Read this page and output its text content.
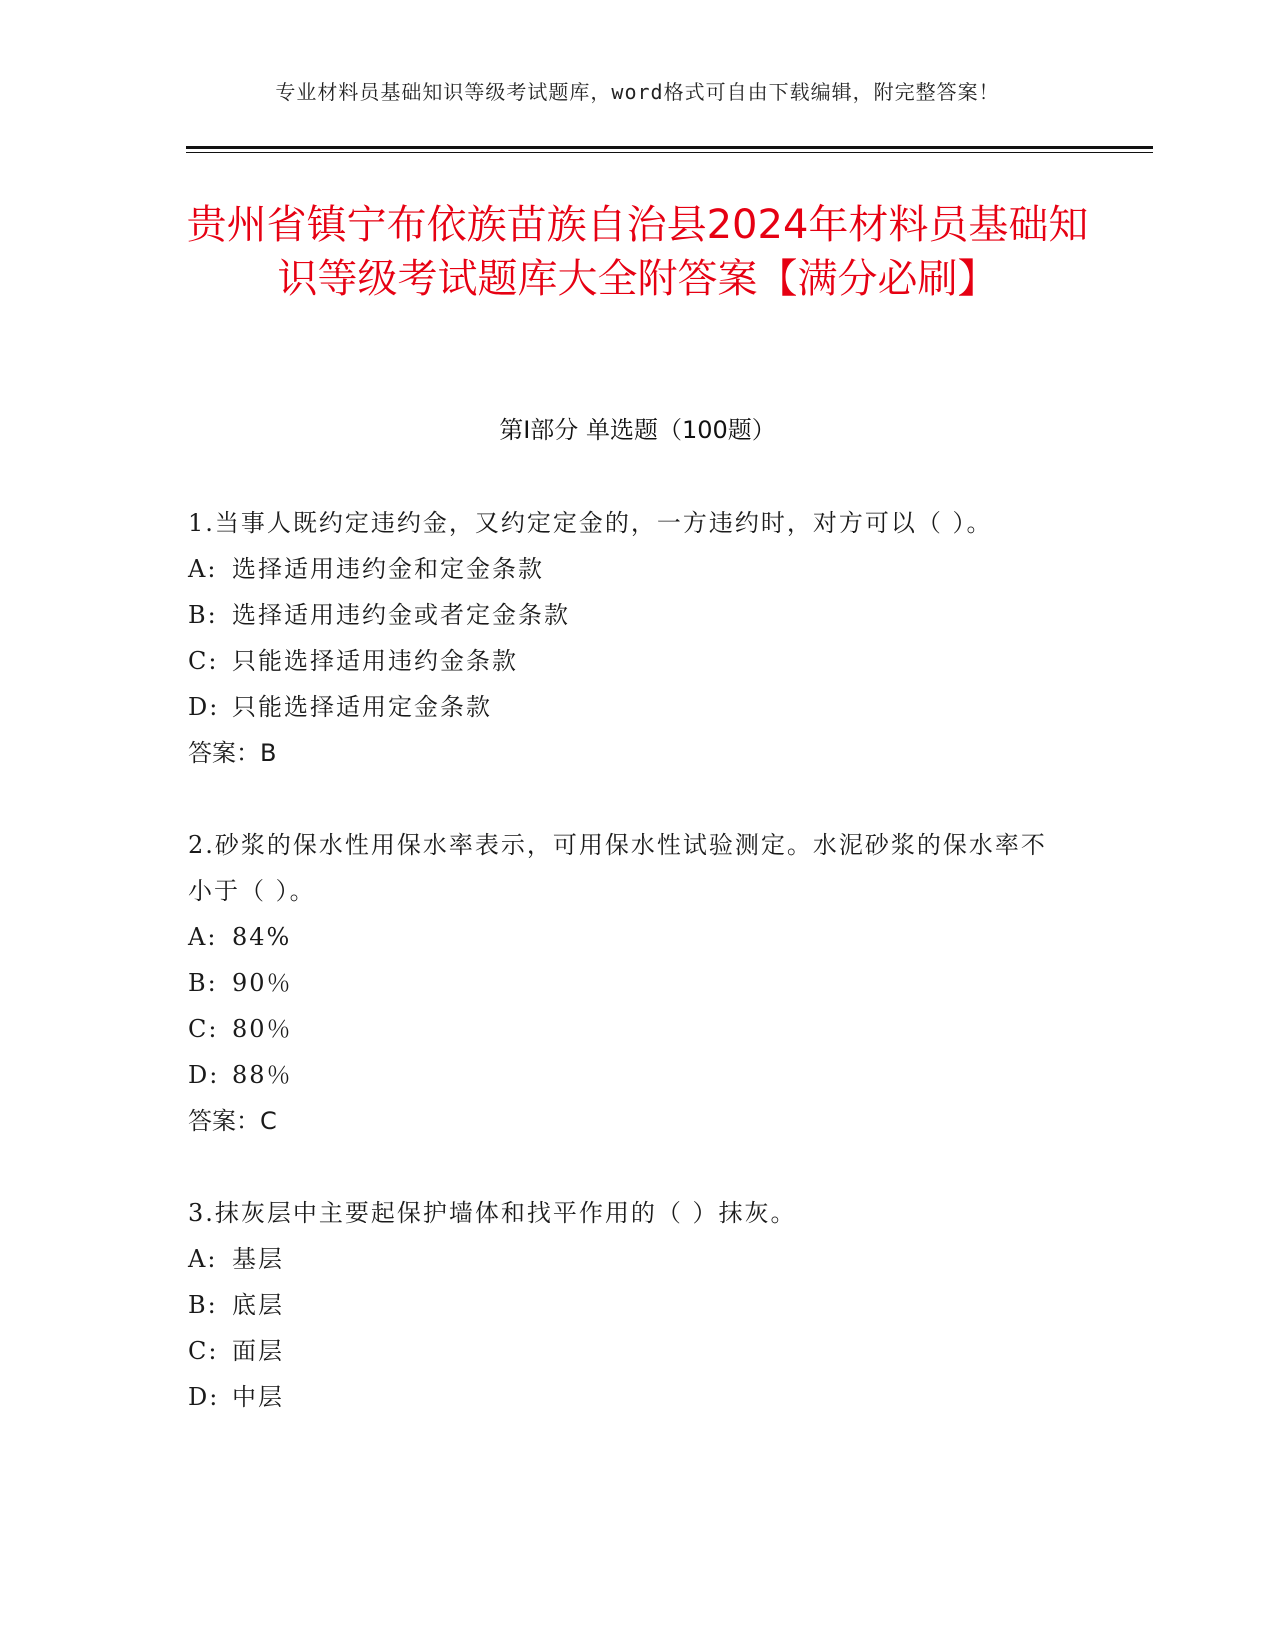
专业材料员基础知识等级考试题库，word格式可自由下载编辑，附完整答案！
贵州省镇宁布依族苗族自治县2024年材料员基础知识等级考试题库大全附答案【满分必刷】
第Ⅰ部分 单选题（100题）

1.当事人既约定违约金，又约定定金的，一方违约时，对方可以（ ）。

A: 选择适用违约金和定金条款

B: 选择适用违约金或者定金条款

C: 只能选择适用违约金条款

D: 只能选择适用定金条款

答案：B

2.砂浆的保水性用保水率表示，可用保水性试验测定。水泥砂浆的保水率不小于（ ）。

A: 84%

B: 90％

C: 80％

D: 88％

答案：C

3.抹灰层中主要起保护墙体和找平作用的（ ）抹灰。

A: 基层

B: 底层

C: 面层

D: 中层
